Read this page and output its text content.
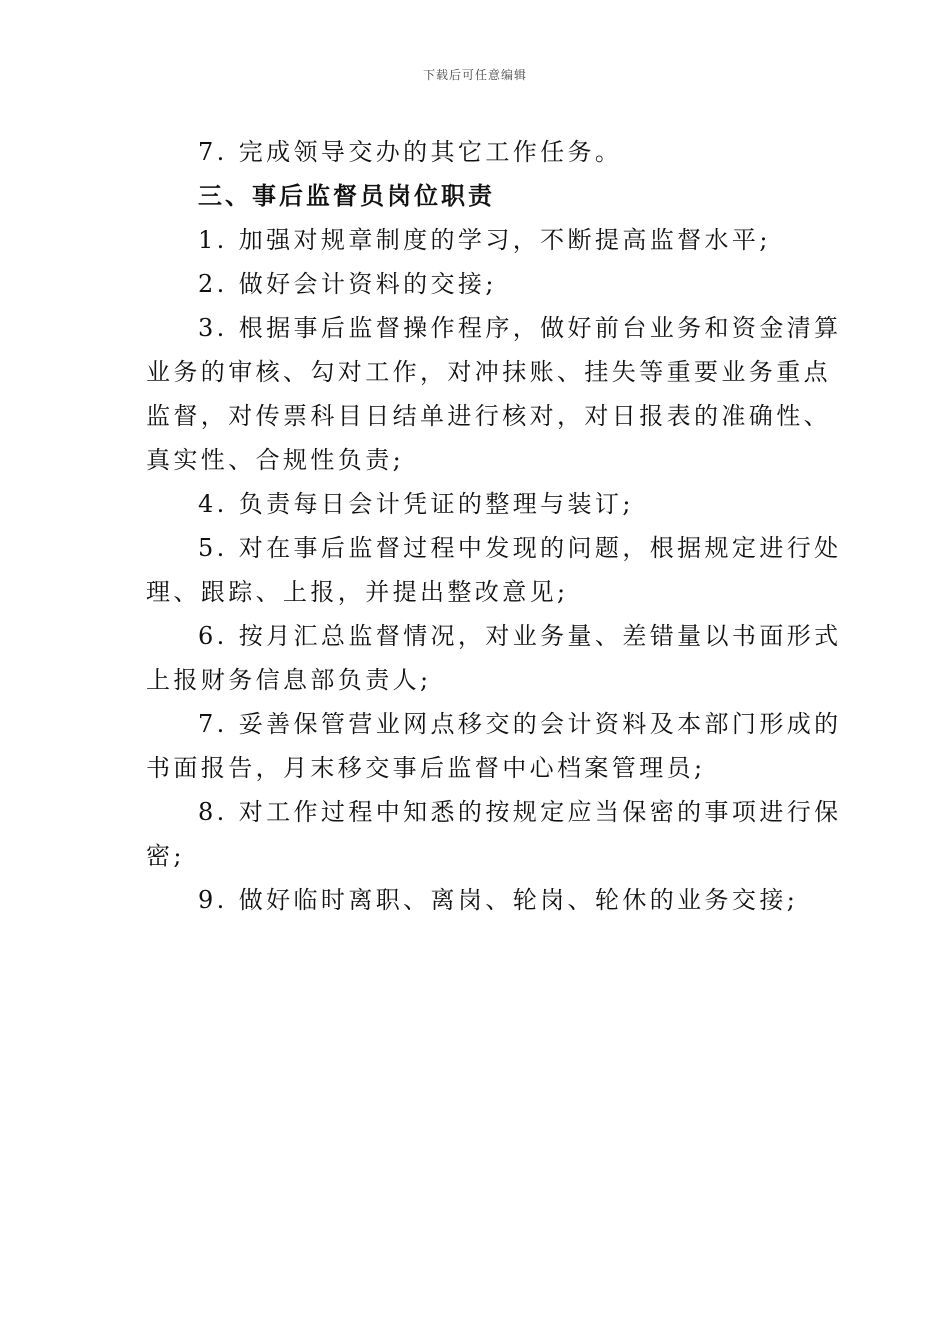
下载后可任意编辑
7. 完成领导交办的其它工作任务。
三、事后监督员岗位职责
1. 加强对规章制度的学习，不断提高监督水平;
2. 做好会计资料的交接;
3. 根据事后监督操作程序，做好前台业务和资金清算
业务的审核、勾对工作，对冲抹账、挂失等重要业务重点
监督，对传票科目日结单进行核对，对日报表的准确性、
真实性、合规性负责;
4. 负责每日会计凭证的整理与装订;
5. 对在事后监督过程中发现的问题，根据规定进行处
理、跟踪、上报，并提出整改意见;
6. 按月汇总监督情况，对业务量、差错量以书面形式
上报财务信息部负责人;
7. 妥善保管营业网点移交的会计资料及本部门形成的
书面报告，月末移交事后监督中心档案管理员;
8. 对工作过程中知悉的按规定应当保密的事项进行保
密;
9. 做好临时离职、离岗、轮岗、轮休的业务交接;
